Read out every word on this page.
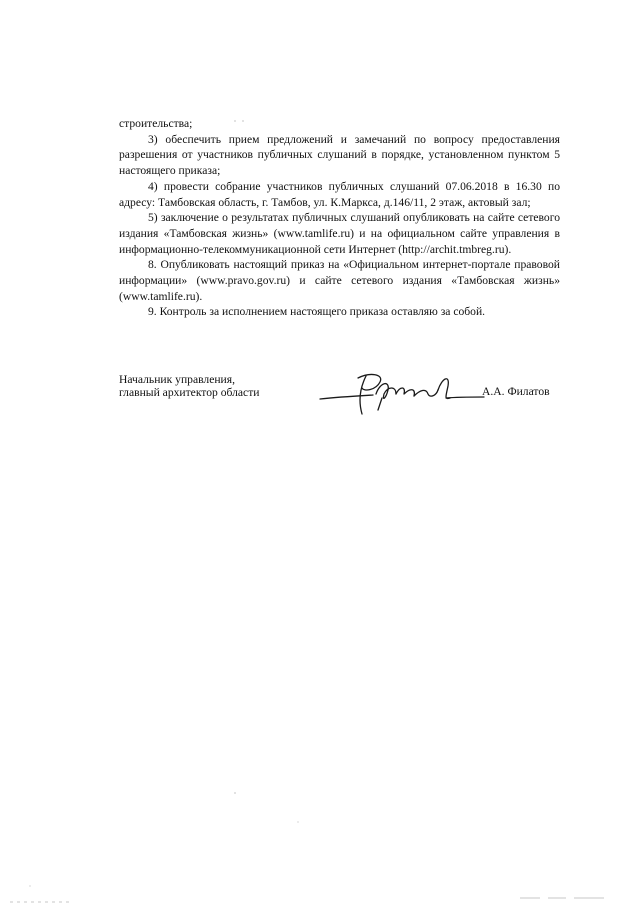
строительства;

3) обеспечить прием предложений и замечаний по вопросу предоставления разрешения от участников публичных слушаний в порядке, установленном пунктом 5 настоящего приказа;

4) провести собрание участников публичных слушаний 07.06.2018 в 16.30 по адресу: Тамбовская область, г. Тамбов, ул. К.Маркса, д.146/11, 2 этаж, актовый зал;

5) заключение о результатах публичных слушаний опубликовать на сайте сетевого издания «Тамбовская жизнь» (www.tamlife.ru) и на официальном сайте управления в информационно-телекоммуникационной сети Интернет (http://archit.tmbreg.ru).

8. Опубликовать настоящий приказ на «Официальном интернет-портале правовой информации» (www.pravo.gov.ru) и сайте сетевого издания «Тамбовская жизнь» (www.tamlife.ru).

9. Контроль за исполнением настоящего приказа оставляю за собой.

Начальник управления,
главный архитектор области	А.А. Филатов
